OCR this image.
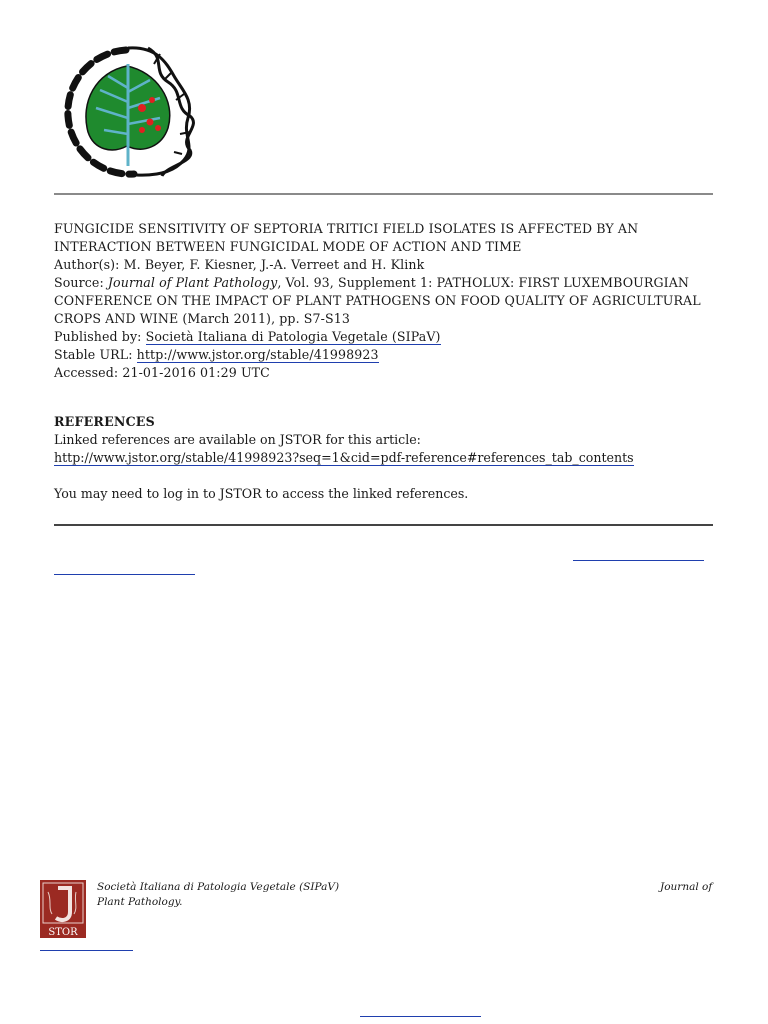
FUNGICIDE SENSITIVITY OF SEPTORIA TRITICI FIELD ISOLATES IS AFFECTED BY AN
INTERACTION BETWEEN FUNGICIDAL MODE OF ACTION AND TIME
Author(s): M. Beyer, F. Kiesner, J.-A. Verreet and H. Klink
Source: Journal of Plant Pathology, Vol. 93, Supplement 1: PATHOLUX: FIRST LUXEMBOURGIAN
CONFERENCE ON THE IMPACT OF PLANT PATHOGENS ON FOOD QUALITY OF AGRICULTURAL
CROPS AND WINE (March 2011), pp. S7-S13
Published by: Società Italiana di Patologia Vegetale (SIPaV)
Stable URL: http://www.jstor.org/stable/41998923
Accessed: 21-01-2016 01:29 UTC
REFERENCES
Linked references are available on JSTOR for this article:
http://www.jstor.org/stable/41998923?seq=1&cid=pdf-reference#references_tab_contents
You may need to log in to JSTOR to access the linked references.
STOR
Società Italiana di Patologia Vegetale (SIPaV)
Plant Pathology.
Journal of
